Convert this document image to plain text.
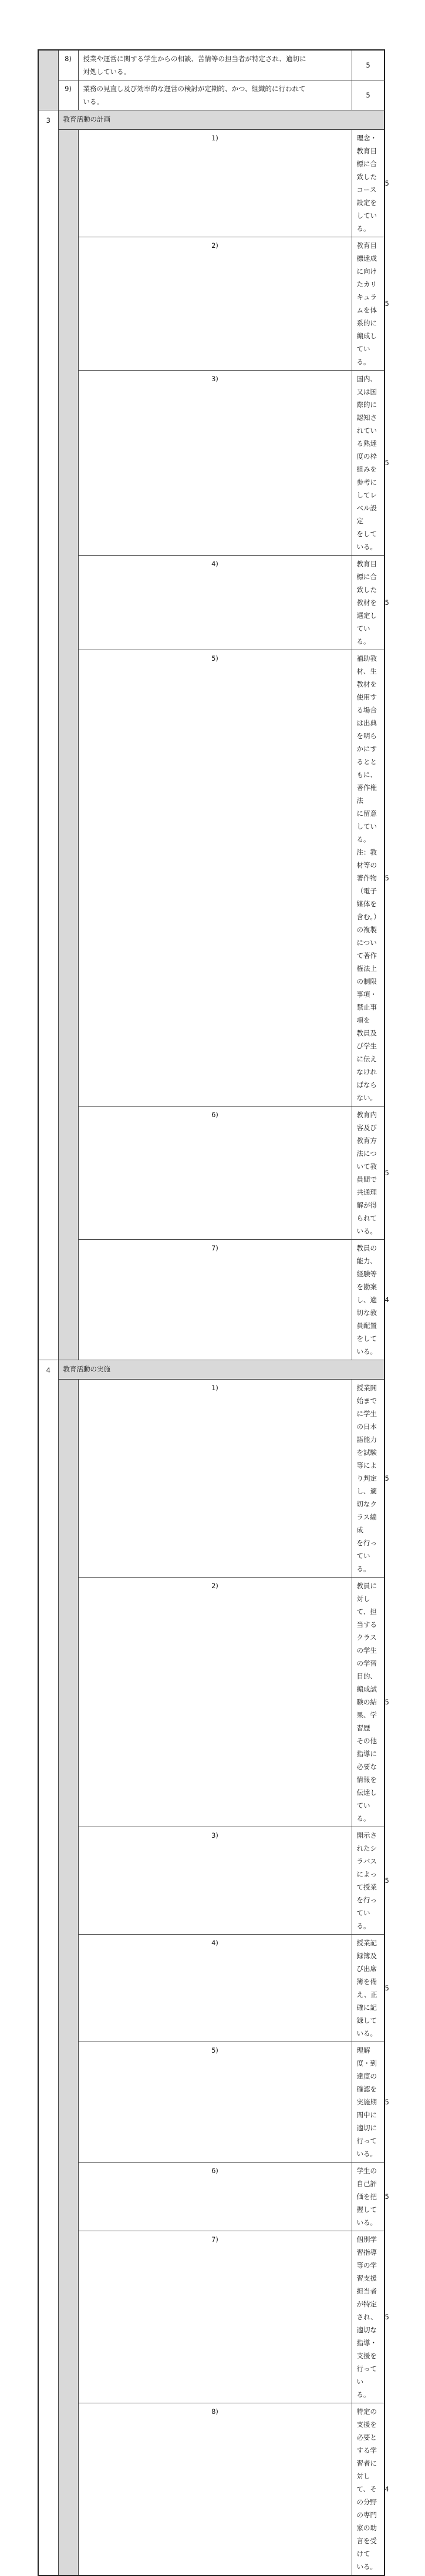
	8)	授業や運営に関する学生からの相談、苦情等の担当者が特定され、適切に
対処している。	5	
	9)	業務の見直し及び効率的な運営の検討が定期的、かつ、組織的に行われて
いる。	5	
3	教育活動の計画			
		1)	理念・教育目標に合致したコース設定をしている。	5
		2)	教育目標達成に向けたカリキュラムを体系的に編成している。	5
		3)	国内、又は国際的に認知されている熟達度の枠組みを参考にしてレベル設定
をしている。	5
		4)	教育目標に合致した教材を選定している。	5
		5)	補助教材、生教材を使用する場合は出典を明らかにするとともに、著作権法
に留意している。
注：教材等の著作物（電子媒体を含む。）の複製について著作権法上の制限
事項・禁止事項を
教員及び学生に伝えなければならない。	5
		6)	教育内容及び教育方法について教員間で共通理解が得られている。	5
		7)	教員の能力、経験等を勘案し、適切な教員配置をしている。	4
4	教育活動の実施			
		1)	授業開始までに学生の日本語能力を試験等により判定し、適切なクラス編成
を行っている。	5
		2)	教員に対して、担当するクラスの学生の学習目的、編成試験の結果、学習歴
その他指導に必要な情報を伝達している。	5
		3)	開示されたシラバスによって授業を行っている。	5
		4)	授業記録簿及び出席簿を備え、正確に記録している。	5
		5)	理解度・到達度の確認を実施期間中に適切に行っている。	5
		6)	学生の自己評価を把握している。	5
		7)	個別学習指導等の学習支援担当者が特定され、適切な指導・支援を行ってい
る。	5
		8)	特定の支援を必要とする学習者に対して、その分野の専門家の助言を受けて
いる。	4
